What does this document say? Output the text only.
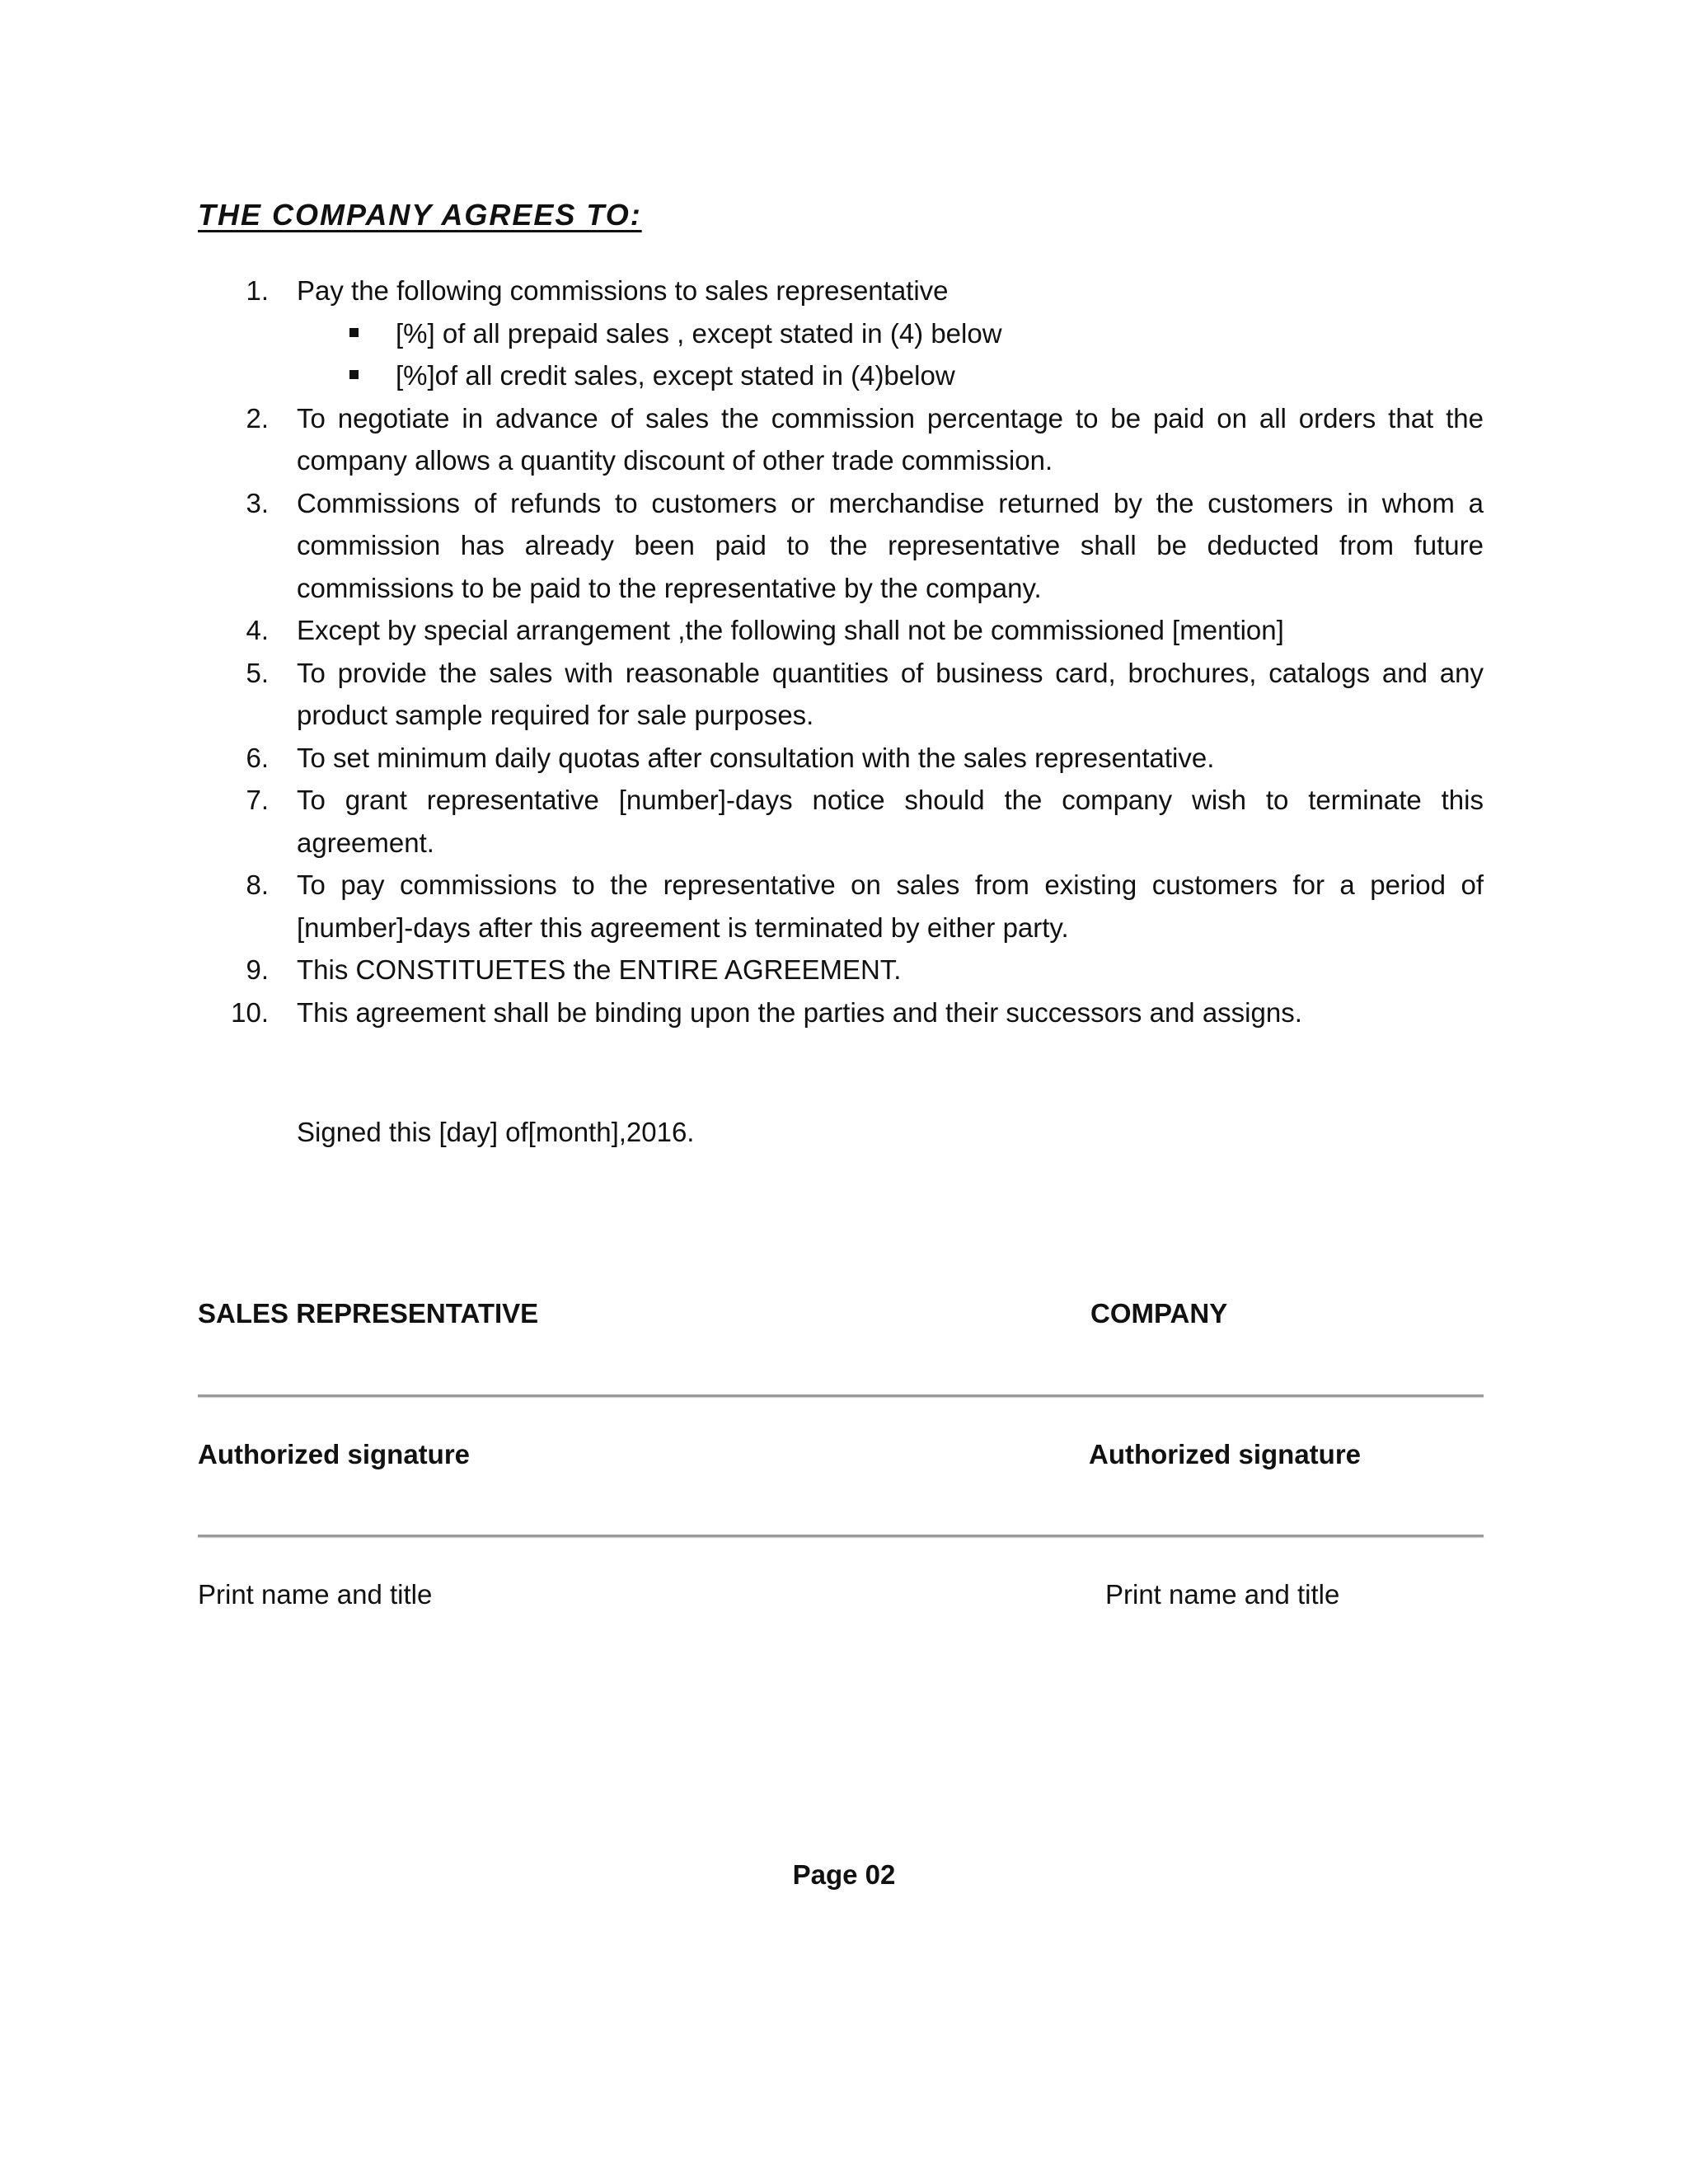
THE COMPANY AGREES TO:
1. Pay the following commissions to sales representative
[%] of all prepaid sales , except stated in (4) below
[%]of all credit sales, except stated in (4)below
2. To negotiate in advance of sales the commission percentage to be paid on all orders that the company allows a quantity discount of other trade commission.
3. Commissions of refunds to customers or merchandise returned by the customers in whom a commission has already been paid to the representative shall be deducted from future commissions to be paid to the representative by the company.
4. Except by special arrangement ,the following shall not be commissioned [mention]
5. To provide the sales with reasonable quantities of business card, brochures, catalogs and any product sample required for sale purposes.
6. To set minimum daily quotas after consultation with the sales representative.
7. To grant representative [number]-days notice should the company wish to terminate this agreement.
8. To pay commissions to the representative on sales from existing customers for a period of [number]-days after this agreement is terminated by either party.
9. This CONSTITUETES the ENTIRE AGREEMENT.
10. This agreement shall be binding upon the parties and their successors and assigns.

Signed this [day] of[month],2016.

SALES REPRESENTATIVE	COMPANY

Authorized signature	Authorized signature

Print name and title	Print name and title

Page 02
